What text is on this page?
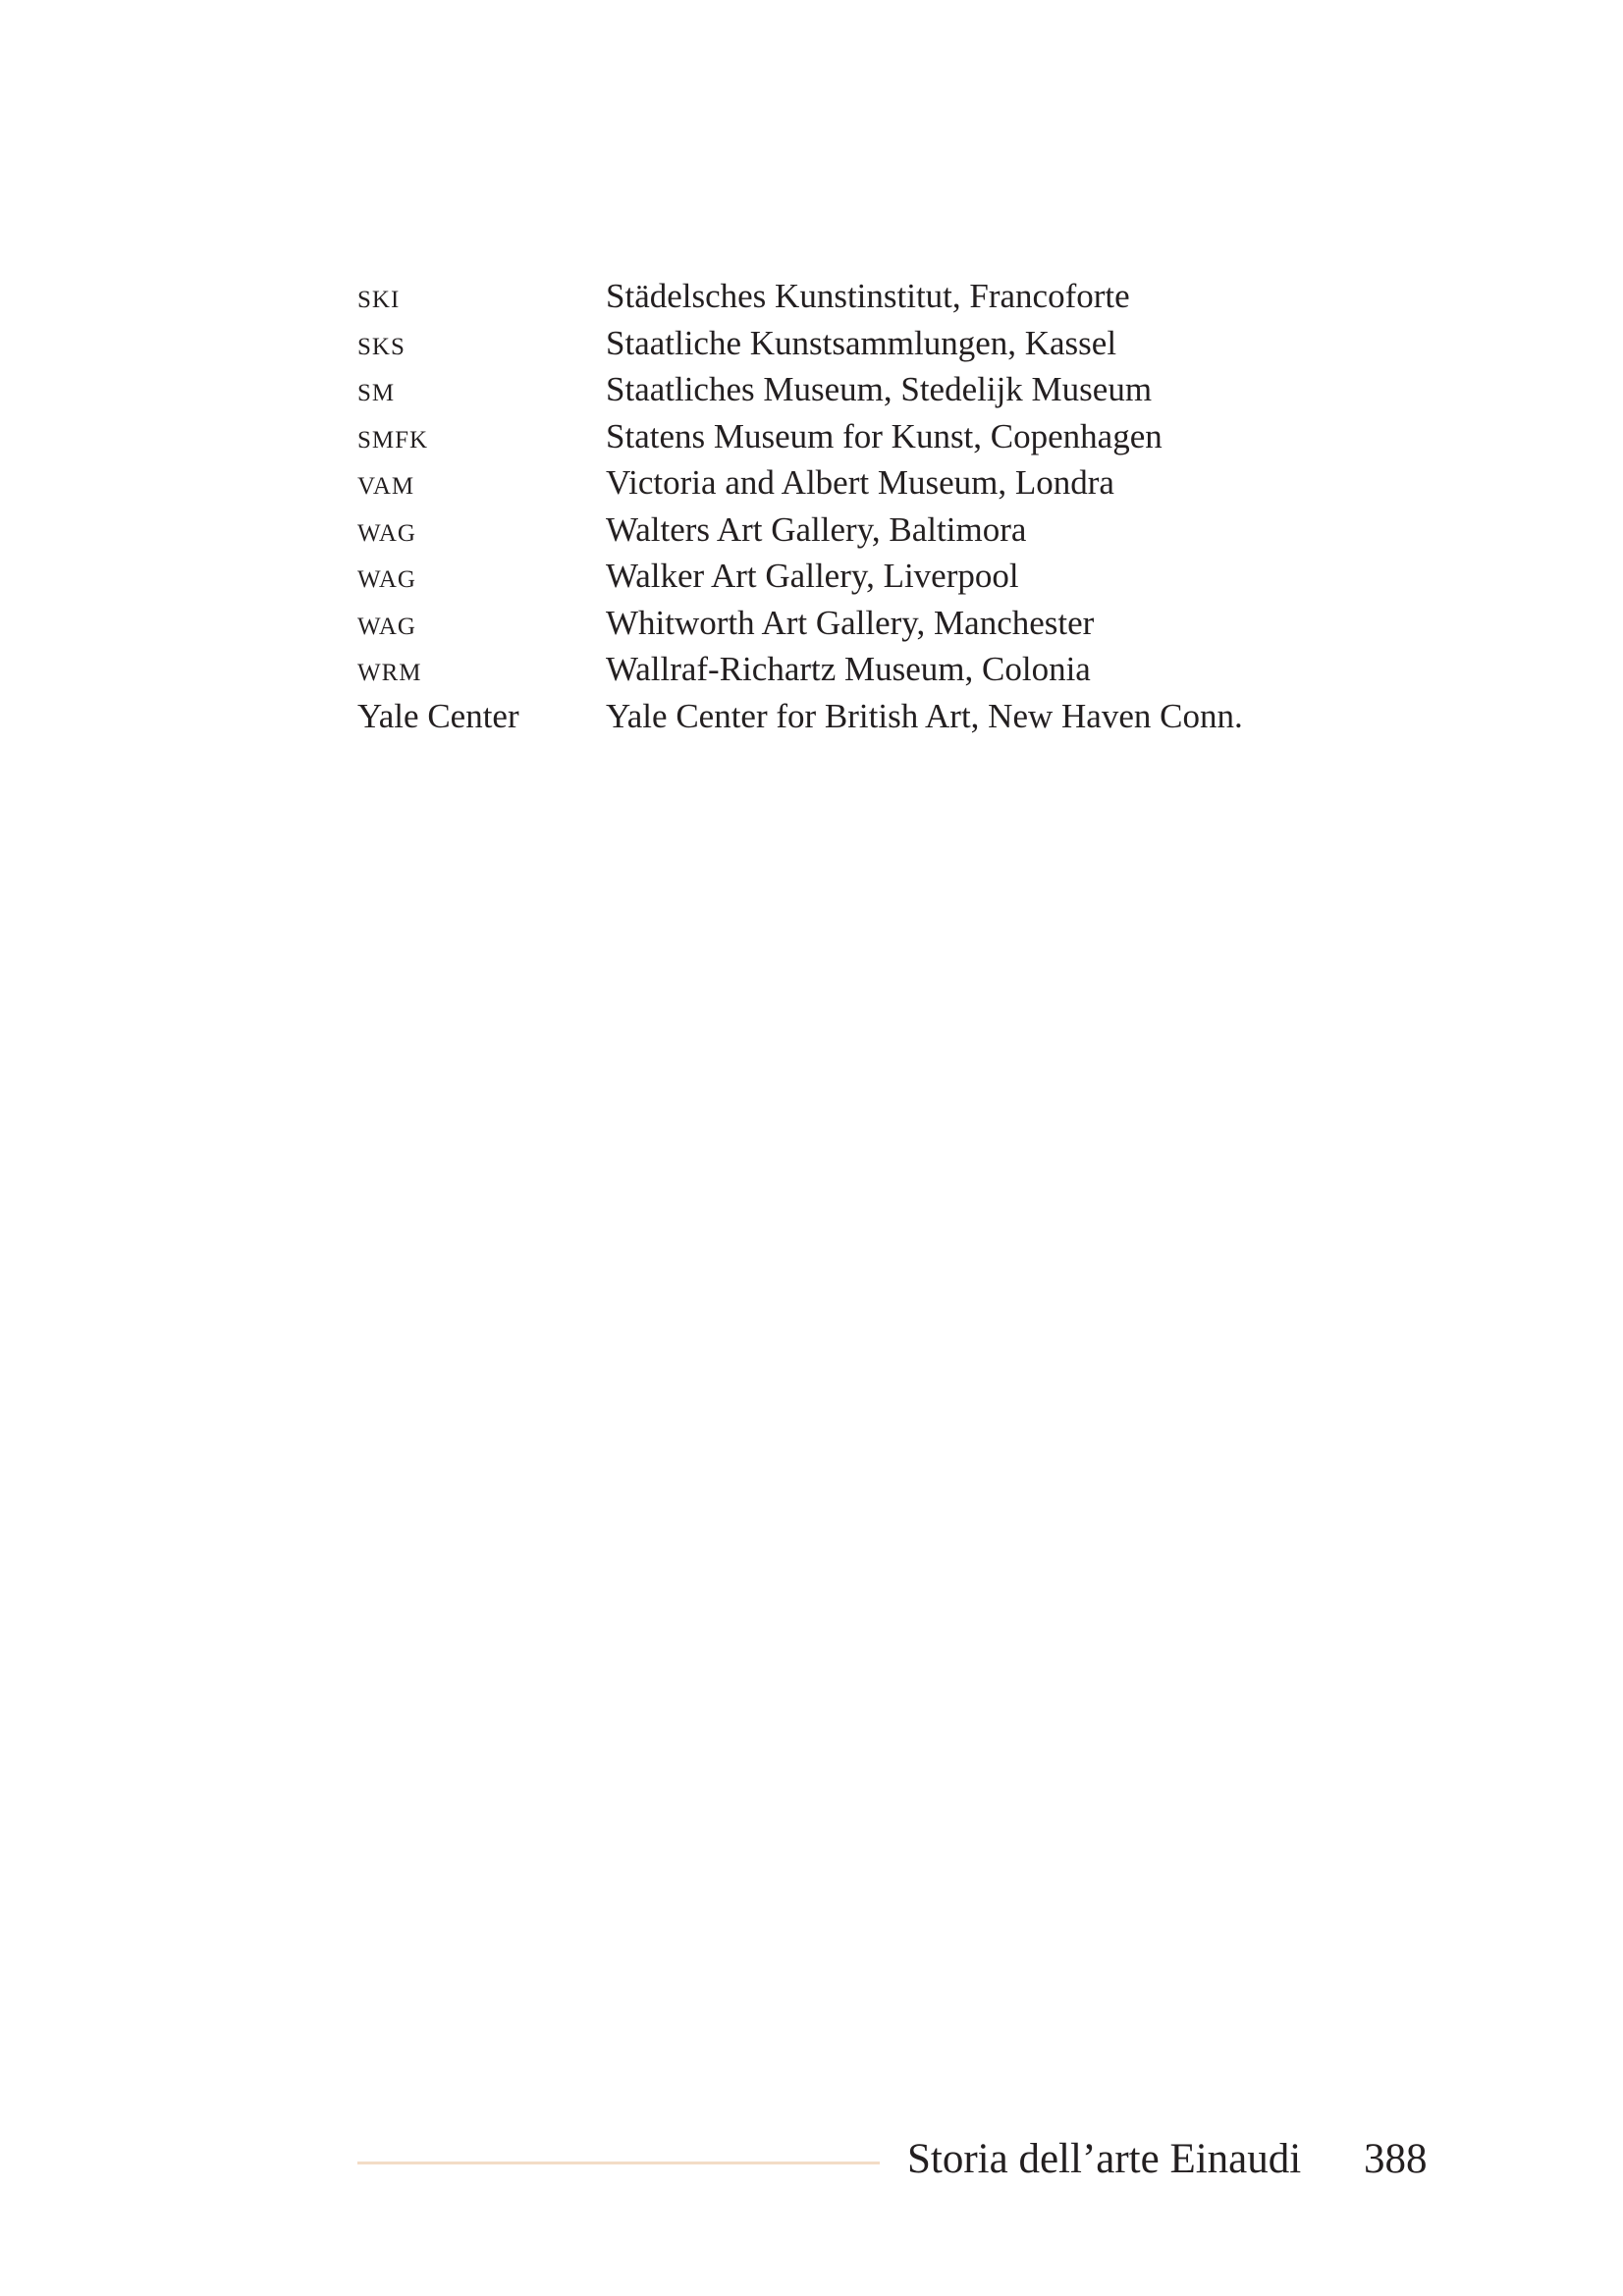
ski	Städelsches Kunstinstitut, Francoforte
sks	Staatliche Kunstsammlungen, Kassel
sm	Staatliches Museum, Stedelijk Museum
smfk	Statens Museum for Kunst, Copenhagen
vam	Victoria and Albert Museum, Londra
wag	Walters Art Gallery, Baltimora
wag	Walker Art Gallery, Liverpool
wag	Whitworth Art Gallery, Manchester
wrm	Wallraf-Richartz Museum, Colonia
Yale Center	Yale Center for British Art, New Haven Conn.
Storia dell’arte Einaudi 388
